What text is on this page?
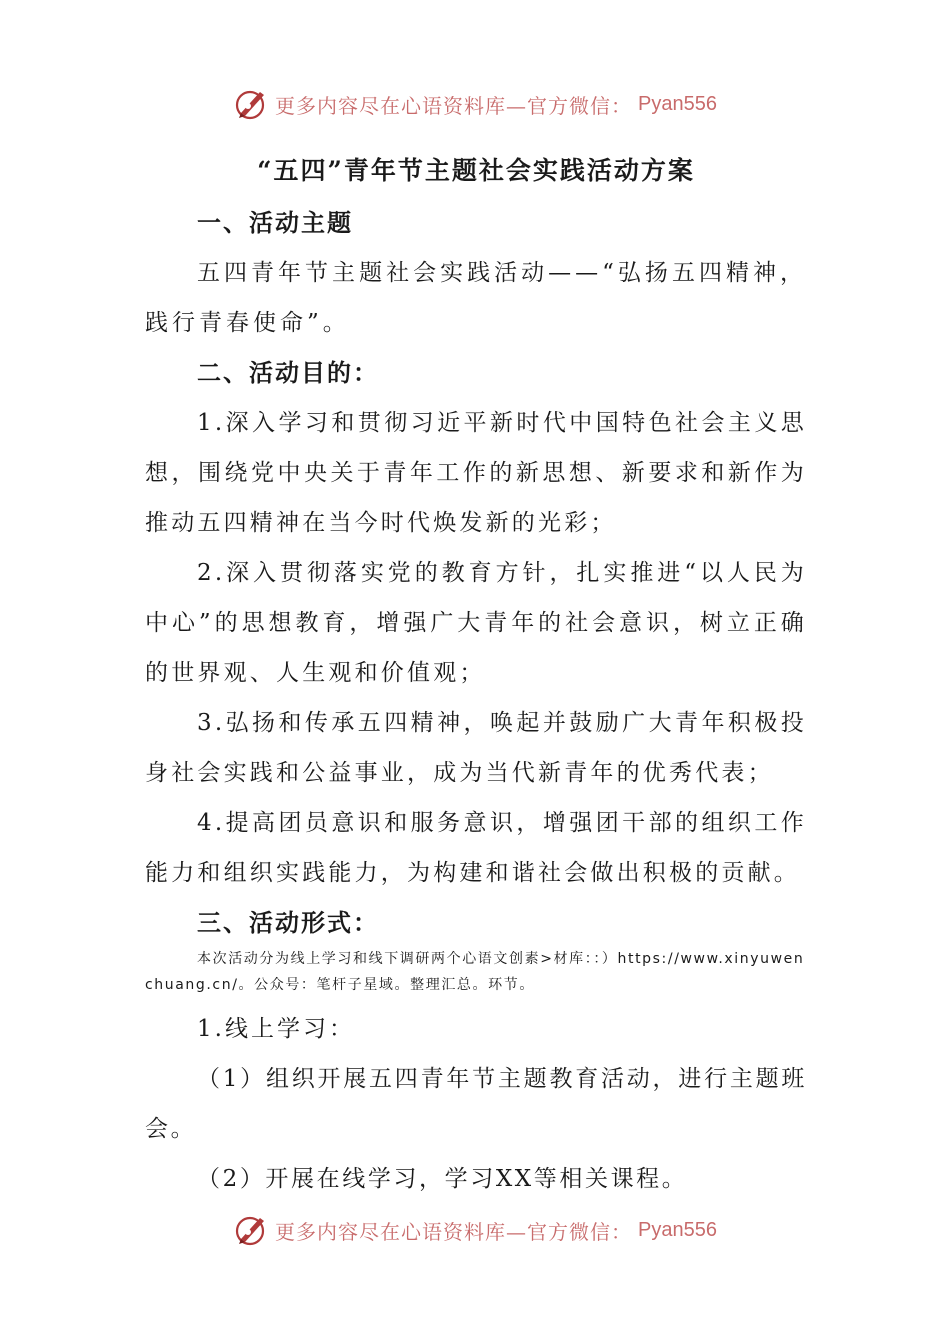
更多内容尽在心语资料库—官方微信： Pyan556
“五四”青年节主题社会实践活动方案

一、活动主题

五四青年节主题社会实践活动——“弘扬五四精神，践行青春使命”。

二、活动目的：

1.深入学习和贯彻习近平新时代中国特色社会主义思想，围绕党中央关于青年工作的新思想、新要求和新作为推动五四精神在当今时代焕发新的光彩；

2.深入贯彻落实党的教育方针，扎实推进“以人民为中心”的思想教育，增强广大青年的社会意识，树立正确的世界观、人生观和价值观；

3.弘扬和传承五四精神，唤起并鼓励广大青年积极投身社会实践和公益事业，成为当代新青年的优秀代表；

4.提高团员意识和服务意识，增强团干部的组织工作能力和组织实践能力，为构建和谐社会做出积极的贡献。

三、活动形式：

本次活动分为线上学习和线下调研两个心语文创素>材库：：）https://www.xinyuwenchuang.cn/。公众号：笔杆子星域。整理汇总。环节。

1.线上学习：

（1）组织开展五四青年节主题教育活动，进行主题班会。

（2）开展在线学习，学习XX等相关课程。

更多内容尽在心语资料库—官方微信： Pyan556
